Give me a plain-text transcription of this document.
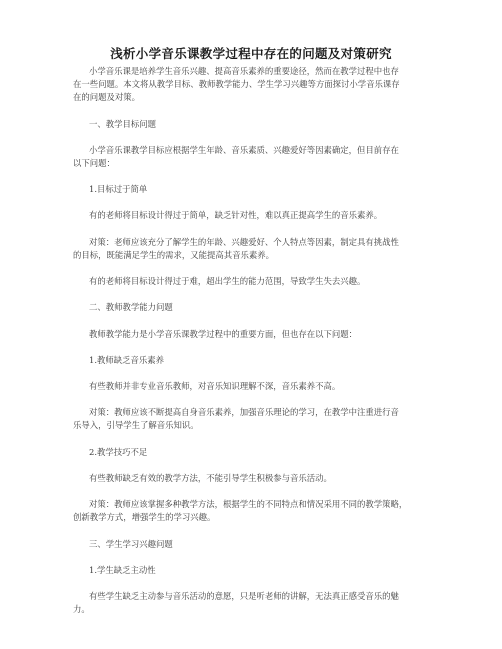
浅析小学音乐课教学过程中存在的问题及对策研究
小学音乐课是培养学生音乐兴趣、提高音乐素养的重要途径，然而在教学过程中也存
在一些问题。本文将从教学目标、教师教学能力、学生学习兴趣等方面探讨小学音乐课存
在的问题及对策。
一、教学目标问题
小学音乐课教学目标应根据学生年龄、音乐素质、兴趣爱好等因素确定，但目前存在
以下问题：
1.目标过于简单
有的老师将目标设计得过于简单，缺乏针对性，难以真正提高学生的音乐素养。
对策：老师应该充分了解学生的年龄、兴趣爱好、个人特点等因素，制定具有挑战性
的目标，既能满足学生的需求，又能提高其音乐素养。
有的老师将目标设计得过于难，超出学生的能力范围，导致学生失去兴趣。
二、教师教学能力问题
教师教学能力是小学音乐课教学过程中的重要方面，但也存在以下问题：
1.教师缺乏音乐素养
有些教师并非专业音乐教师，对音乐知识理解不深，音乐素养不高。
对策：教师应该不断提高自身音乐素养，加强音乐理论的学习，在教学中注重进行音
乐导入，引导学生了解音乐知识。
2.教学技巧不足
有些教师缺乏有效的教学方法，不能引导学生积极参与音乐活动。
对策：教师应该掌握多种教学方法，根据学生的不同特点和情况采用不同的教学策略，
创新教学方式，增强学生的学习兴趣。
三、学生学习兴趣问题
1.学生缺乏主动性
有些学生缺乏主动参与音乐活动的意愿，只是听老师的讲解，无法真正感受音乐的魅
力。
